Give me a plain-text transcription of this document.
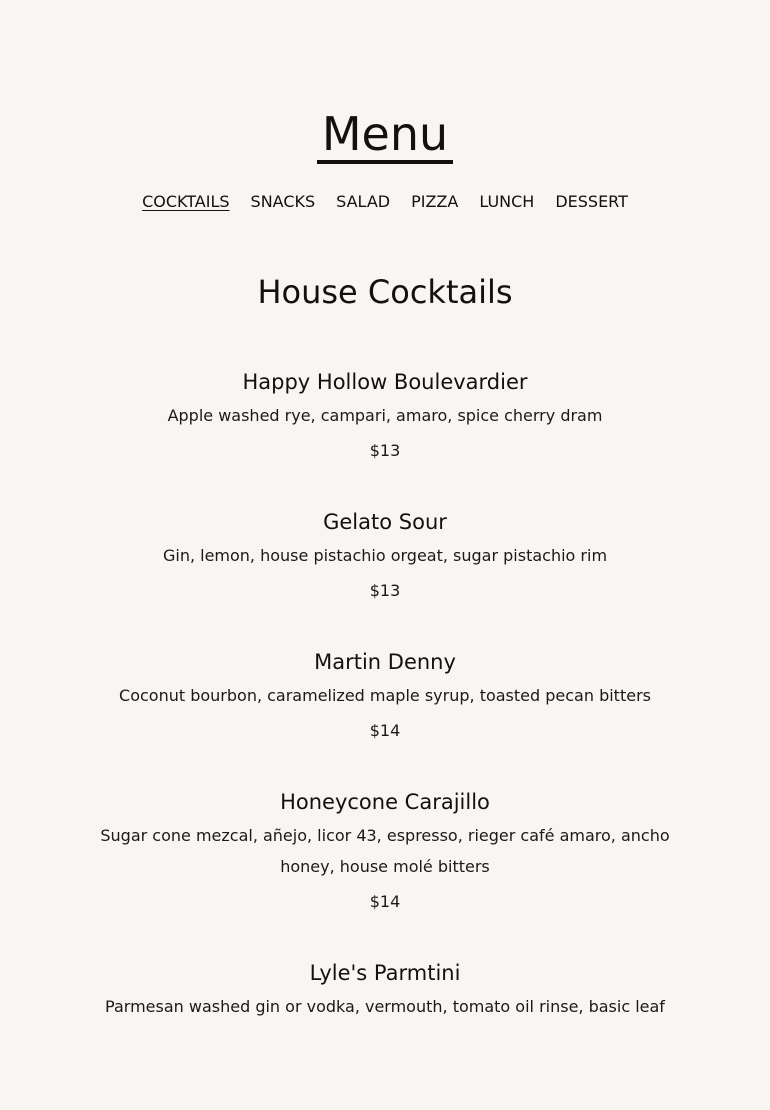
Menu
COCKTAILS SNACKS SALAD PIZZA LUNCH DESSERT
House Cocktails
Happy Hollow Boulevardier

Apple washed rye, campari, amaro, spice cherry dram

$13

Gelato Sour

Gin, lemon, house pistachio orgeat, sugar pistachio rim

$13

Martin Denny

Coconut bourbon, caramelized maple syrup, toasted pecan bitters

$14

Honeycone Carajillo

Sugar cone mezcal, añejo, licor 43, espresso, rieger café amaro, ancho honey, house molé bitters

$14

Lyle's Parmtini

Parmesan washed gin or vodka, vermouth, tomato oil rinse, basic leaf
